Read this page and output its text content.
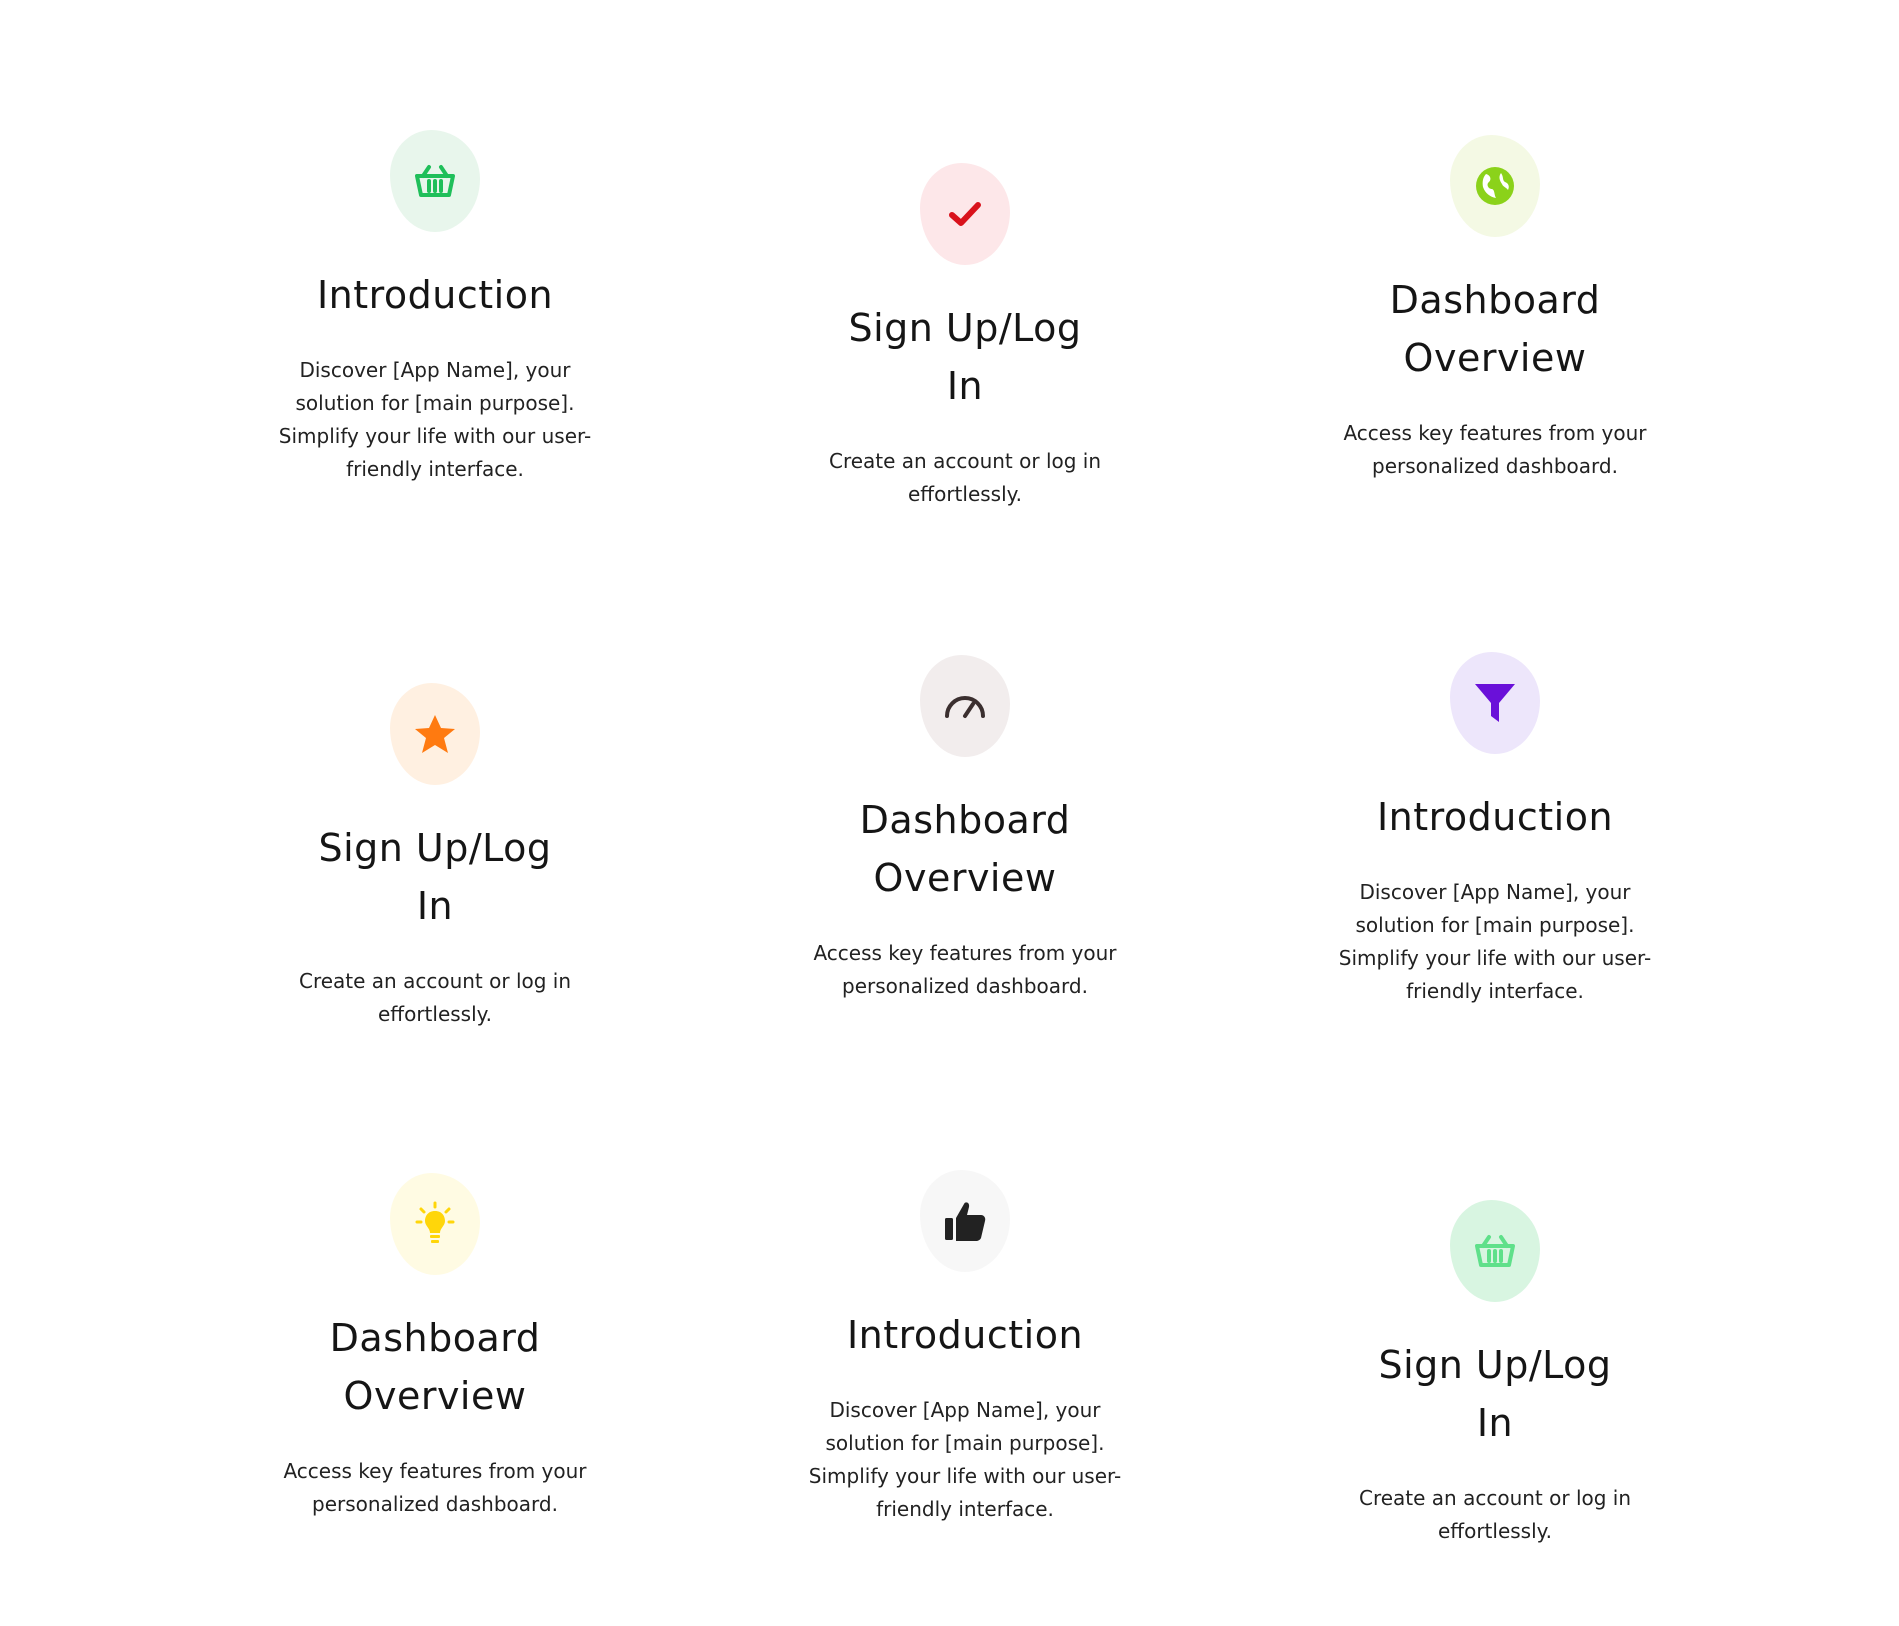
Introduction

Discover [App Name], your solution for [main purpose]. Simplify your life with our user-friendly interface.

Sign Up/Log In

Create an account or log in effortlessly.

Dashboard Overview

Access key features from your personalized dashboard.

Sign Up/Log In

Create an account or log in effortlessly.

Dashboard Overview

Access key features from your personalized dashboard.

Introduction

Discover [App Name], your solution for [main purpose]. Simplify your life with our user-friendly interface.

Dashboard Overview

Access key features from your personalized dashboard.

Introduction

Discover [App Name], your solution for [main purpose]. Simplify your life with our user-friendly interface.

Sign Up/Log In

Create an account or log in effortlessly.
